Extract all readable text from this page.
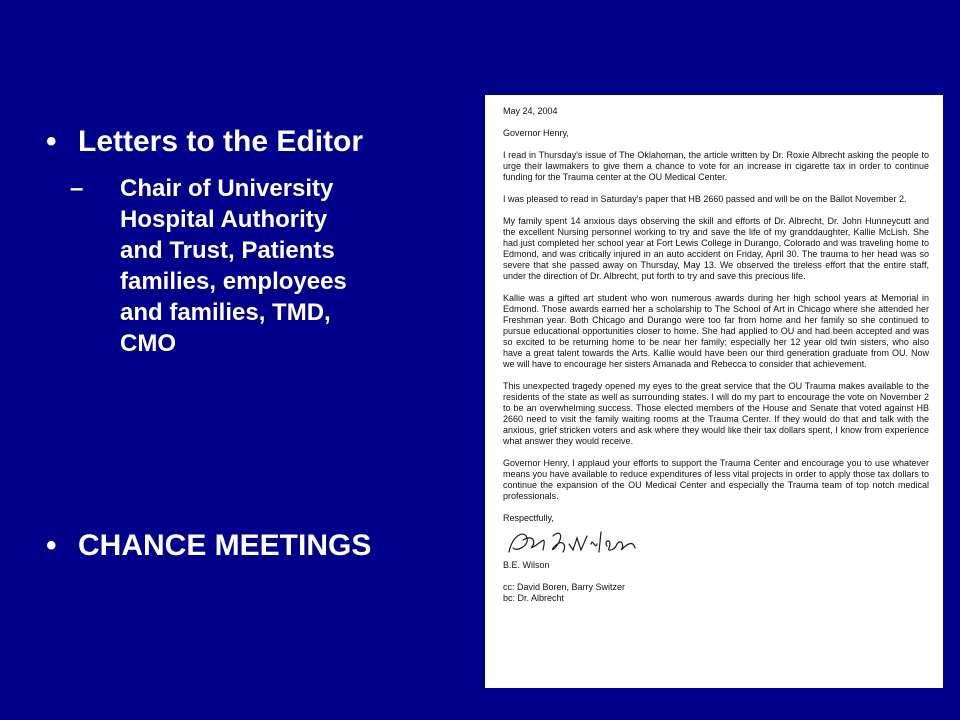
• Letters to the Editor
– Chair of University
Hospital Authority
and Trust, Patients
families, employees
and families, TMD,
CMO
• CHANCE MEETINGS

May 24, 2004

Governor Henry,

I read in Thursday's issue of The Oklahoman, the article written by Dr. Roxie Albrecht asking the people to urge their lawmakers to give them a chance to vote for an increase in cigarette tax in order to continue funding for the Trauma center at the OU Medical Center.

I was pleased to read in Saturday's paper that HB 2660 passed and will be on the Ballot November 2.

My family spent 14 anxious days observing the skill and efforts of Dr. Albrecht, Dr. John Hunneycutt and the excellent Nursing personnel working to try and save the life of my granddaughter, Kallie McLish. She had just completed her school year at Fort Lewis College in Durango, Colorado and was traveling home to Edmond, and was critically injured in an auto accident on Friday, April 30. The trauma to her head was so severe that she passed away on Thursday, May 13. We observed the tireless effort that the entire staff, under the direction of Dr. Albrecht, put forth to try and save this precious life.

Kallie was a gifted art student who won numerous awards during her high school years at Memorial in Edmond. Those awards earned her a scholarship to The School of Art in Chicago where she attended her Freshman year. Both Chicago and Durango were too far from home and her family so she continued to pursue educational opportunities closer to home. She had applied to OU and had been accepted and was so excited to be returning home to be near her family; especially her 12 year old twin sisters, who also have a great talent towards the Arts. Kallie would have been our third generation graduate from OU. Now we will have to encourage her sisters Amanada and Rebecca to consider that achievement.

This unexpected tragedy opened my eyes to the great service that the OU Trauma makes available to the residents of the state as well as surrounding states. I will do my part to encourage the vote on November 2 to be an overwhelming success. Those elected members of the House and Senate that voted against HB 2660 need to visit the family waiting rooms at the Trauma Center. If they would do that and talk with the anxious, grief stricken voters and ask where they would like their tax dollars spent, I know from experience what answer they would receive.

Governor Henry, I applaud your efforts to support the Trauma Center and encourage you to use whatever means you have available to reduce expenditures of less vital projects in order to apply those tax dollars to continue the expansion of the OU Medical Center and especially the Trauma team of top notch medical professionals.

Respectfully,

B.E. Wilson

cc: David Boren, Barry Switzer

bc: Dr. Albrecht
